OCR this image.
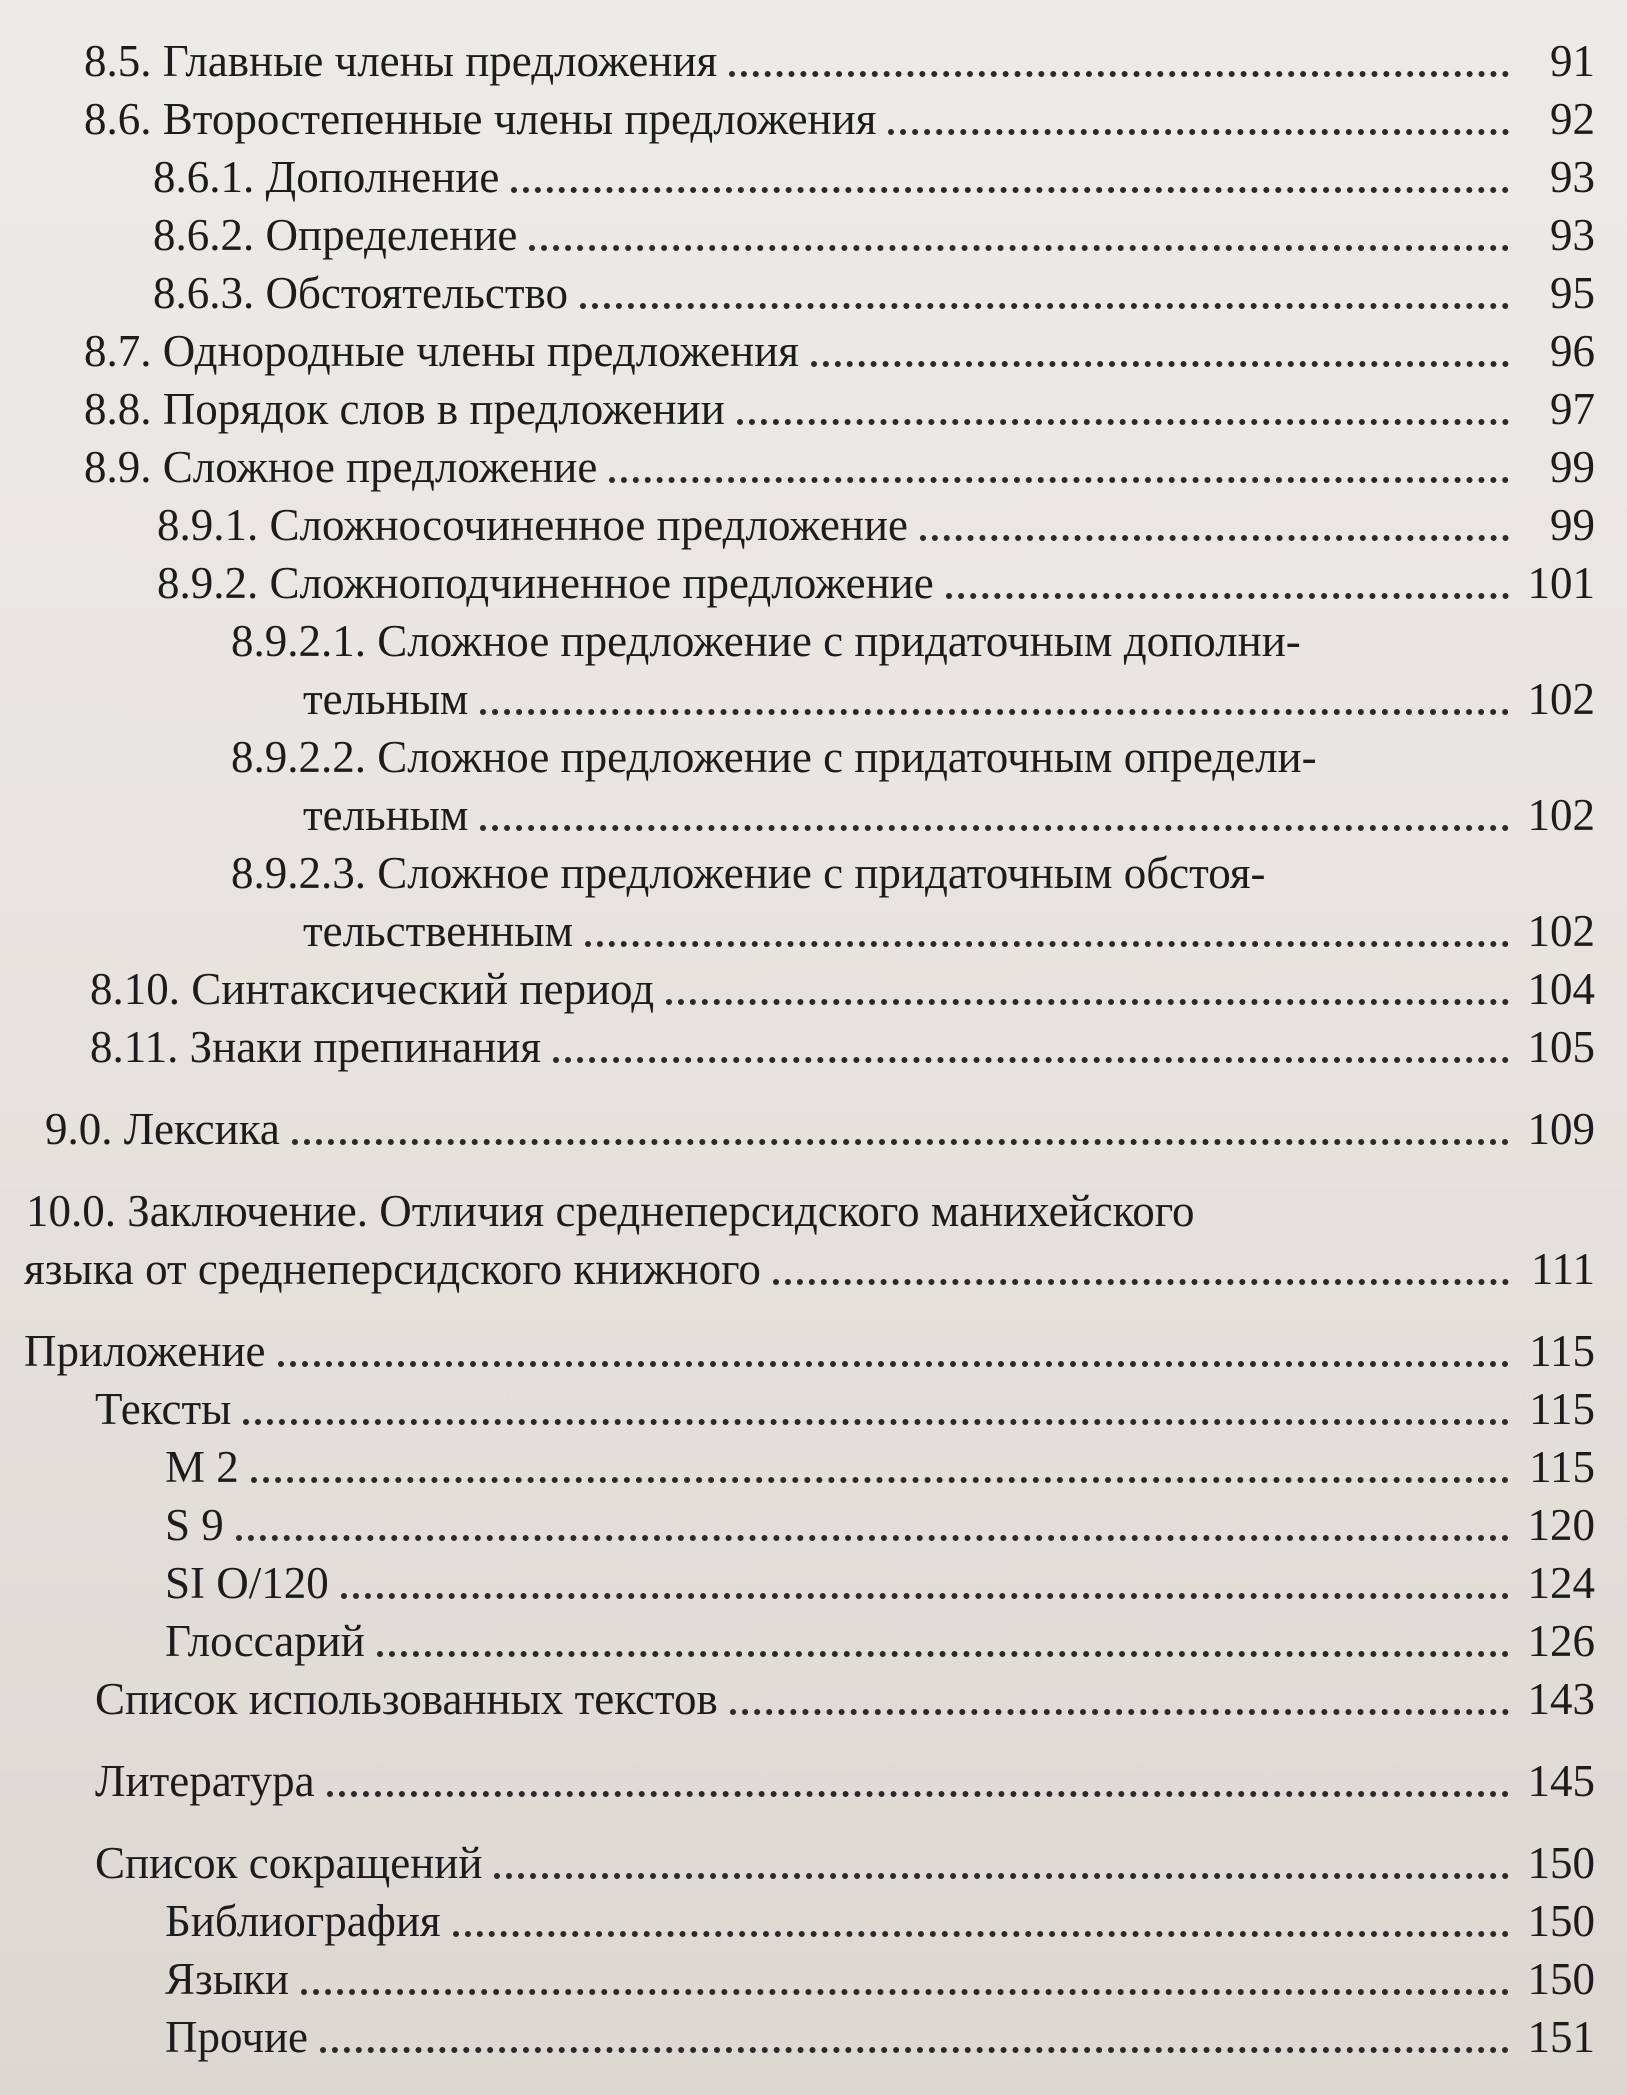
8.5. Главные члены предложения	91
8.6. Второстепенные члены предложения	92
8.6.1. Дополнение	93
8.6.2. Определение	93
8.6.3. Обстоятельство	95
8.7. Однородные члены предложения	96
8.8. Порядок слов в предложении	97
8.9. Сложное предложение	99
8.9.1. Сложносочиненное предложение	99
8.9.2. Сложноподчиненное предложение	101
8.9.2.1. Сложное предложение с придаточным дополни-
тельным	102
8.9.2.2. Сложное предложение с придаточным определи-
тельным	102
8.9.2.3. Сложное предложение с придаточным обстоя-
тельственным	102
8.10. Синтаксический период	104
8.11. Знаки препинания	105
9.0. Лексика	109
10.0. Заключение. Отличия среднеперсидского манихейского
языка от среднеперсидского книжного	111
Приложение	115
Тексты	115
M 2	115
S 9	120
SI O/120	124
Глоссарий	126
Список использованных текстов	143
Литература	145
Список сокращений	150
Библиография	150
Языки	150
Прочие	151
